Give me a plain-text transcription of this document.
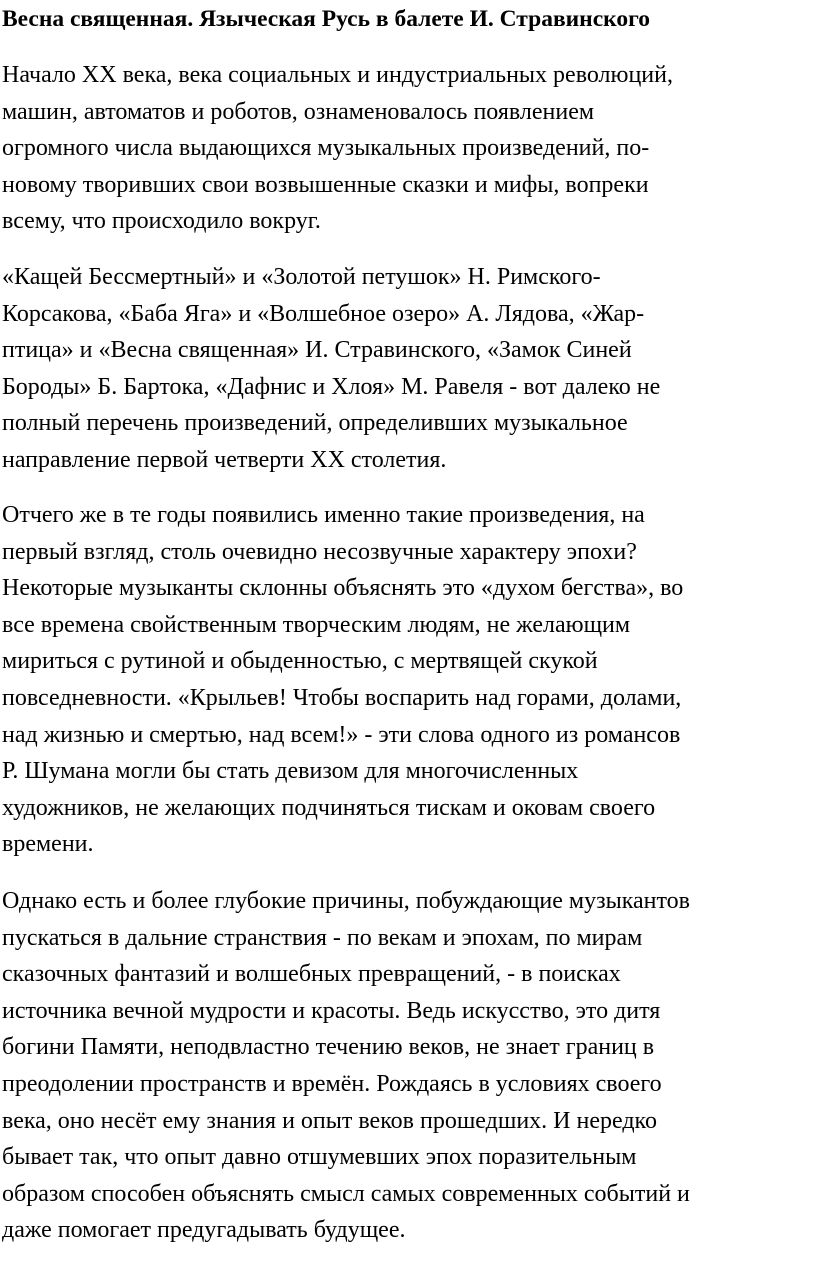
Весна священная. Языческая Русь в балете И. Стравинского
Начало XX века, века социальных и индустриальных революций,
машин, автоматов и роботов, ознаменовалось появлением
огромного числа выдающихся музыкальных произведений, по-
новому творивших свои возвышенные сказки и мифы, вопреки
всему, что происходило вокруг.
«Кащей Бессмертный» и «Золотой петушок» Н. Римского-
Корсакова, «Баба Яга» и «Волшебное озеро» А. Лядова, «Жар-
птица» и «Весна священная» И. Стравинского, «Замок Синей
Бороды» Б. Бартока, «Дафнис и Хлоя» М. Равеля - вот далеко не
полный перечень произведений, определивших музыкальное
направление первой четверти XX столетия.
Отчего же в те годы появились именно такие произведения, на
первый взгляд, столь очевидно несозвучные характеру эпохи?
Некоторые музыканты склонны объяснять это «духом бегства», во
все времена свойственным творческим людям, не желающим
мириться с рутиной и обыденностью, с мертвящей скукой
повседневности. «Крыльев! Чтобы воспарить над горами, долами,
над жизнью и смертью, над всем!» - эти слова одного из романсов
Р. Шумана могли бы стать девизом для многочисленных
художников, не желающих подчиняться тискам и оковам своего
времени.
Однако есть и более глубокие причины, побуждающие музыкантов
пускаться в дальние странствия - по векам и эпохам, по мирам
сказочных фантазий и волшебных превращений, - в поисках
источника вечной мудрости и красоты. Ведь искусство, это дитя
богини Памяти, неподвластно течению веков, не знает границ в
преодолении пространств и времён. Рождаясь в условиях своего
века, оно несёт ему знания и опыт веков прошедших. И нередко
бывает так, что опыт давно отшумевших эпох поразительным
образом способен объяснять смысл самых современных событий и
даже помогает предугадывать будущее.
